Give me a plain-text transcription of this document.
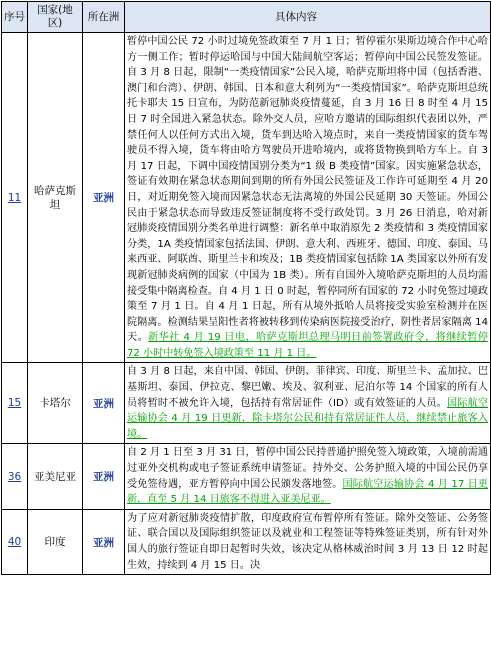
序号	国家(地区)	所在洲	具体内容
11	哈萨克斯坦	亚洲	暂停中国公民 72 小时过境免签政策至 7 月 1 日；暂停霍尔果斯边境合作中心哈方一侧工作；暂时停运哈国与中国大陆间航空客运；暂停向中国公民签发签证。自 3 月 8 日起，限制“一类疫情国家”公民入境，哈萨克斯坦将中国（包括香港、澳门和台湾）、伊朗、韩国、日本和意大利列为“一类疫情国家”。哈萨克斯坦总统托卡耶夫 15 日宣布，为防范新冠肺炎疫情蔓延，自 3 月 16 日 8 时至 4 月 15 日 7 时全国进入紧急状态。除外交人员，应哈方邀请的国际组织代表团以外，严禁任何人以任何方式出入境，货车到达哈入境点时，来自一类疫情国家的货车驾驶员不得入境，货车将由哈方驾驶员开进哈境内，或将货物换到哈方车上。自 3 月 17 日起，下调中国疫情国别分类为“1 级 B 类疫情”国家。因实施紧急状态，签证有效期在紧急状态期间到期的所有外国公民签证及工作许可延期至 4 月 20 日，对近期免签入境而因紧急状态无法离境的外国公民延期 30 天签证。外国公民由于紧急状态而导致违反签证制度将不受行政处罚。3 月 26 日消息，哈对新冠肺炎疫情国别分类名单进行调整：新名单中取消原先 2 类疫情和 3 类疫情国家分类，1A 类疫情国家包括法国、伊朗、意大利、西班牙、德国、印度、泰国、马来西亚、阿联酋、斯里兰卡和埃及；1B 类疫情国家包括除 1A 类国家以外所有发现新冠肺炎病例的国家（中国为 1B 类）。所有自国外入境哈萨克斯坦的人员均需接受集中隔离检查。自 4 月 1 日 0 时起，暂停同所有国家的 72 小时免签过境政策至 7 月 1 日。自 4 月 1 日起，所有从境外抵哈人员将接受实验室检测并在医院隔离。检测结果呈阳性者将被转移到传染病医院接受治疗，阴性者居家隔离 14 天。新华社 4 月 19 日电，哈萨克斯坦总理马明日前签署政府令，将继续暂停 72 小时中转免签入境政策至 11 月 1 日。
15	卡塔尔	亚洲	自 3 月 8 日起，来自中国、韩国、伊朗、菲律宾、印度、斯里兰卡、孟加拉、巴基斯坦、泰国、伊拉克、黎巴嫩、埃及、叙利亚、尼泊尔等 14 个国家的所有人员将暂时不被允许入境，包括持有常居证件（ID）或有效签证的人员。国际航空运输协会 4 月 19 日更新，除卡塔尔公民和持有常居证件人员，继续禁止旅客入境。
36	亚美尼亚	亚洲	自 2 月 1 日至 3 月 31 日，暂停中国公民持普通护照免签入境政策，入境前需通过亚外交机构或电子签证系统申请签证。持外交、公务护照入境的中国公民仍享受免签待遇，亚方暂停向中国公民颁发落地签。国际航空运输协会 4 月 17 日更新，直至 5 月 14 日旅客不得进入亚美尼亚。
40	印度	亚洲	为了应对新冠肺炎疫情扩散，印度政府宣布暂停所有签证。除外交签证、公务签证、联合国以及国际组织签证以及就业和工程签证等特殊签证类别，所有针对外国人的旅行签证自即日起暂时失效，该决定从格林威治时间 3 月 13 日 12 时起生效，持续到 4 月 15 日。决
